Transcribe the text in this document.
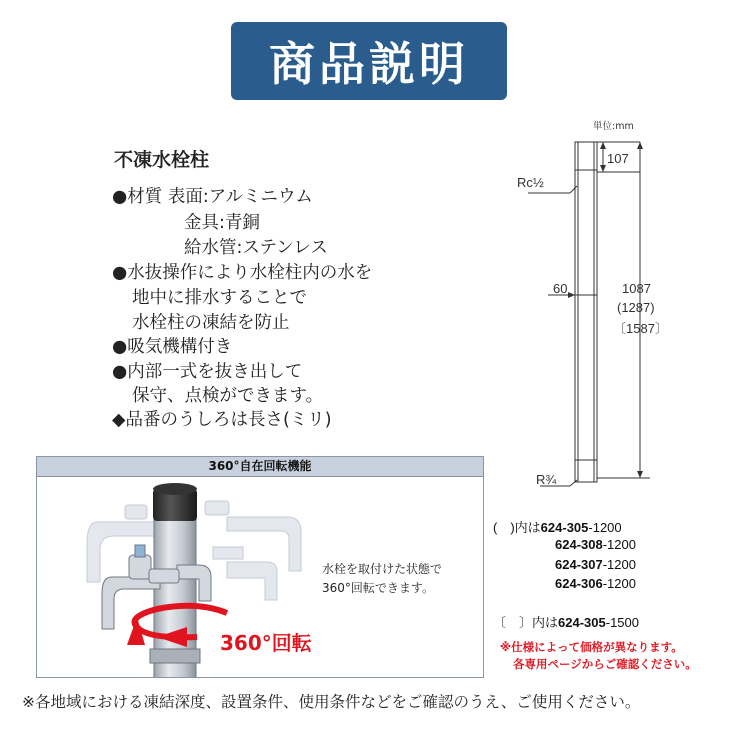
商品説明
不凍水栓柱
●材質 表面:アルミニウム
金具:青銅
給水管:ステンレス
●水抜操作により水栓柱内の水を
地中に排水することで
水栓柱の凍結を防止
●吸気機構付き
●内部一式を抜き出して
保守、点検ができます。
◆品番のうしろは長さ(ミリ)
360°自在回転機能
水栓を取付けた状態で
360°回転できます。
360°回転
単位:mm
107
Rc½
60	1087
(1287)
〔1587〕
R¾
(　)内は624-305-1200
624-308-1200
624-307-1200
624-306-1200
〔　〕内は624-305-1500
※仕様によって価格が異なります。
各専用ページからご確認ください。
※各地域における凍結深度、設置条件、使用条件などをご確認のうえ、ご使用ください。
